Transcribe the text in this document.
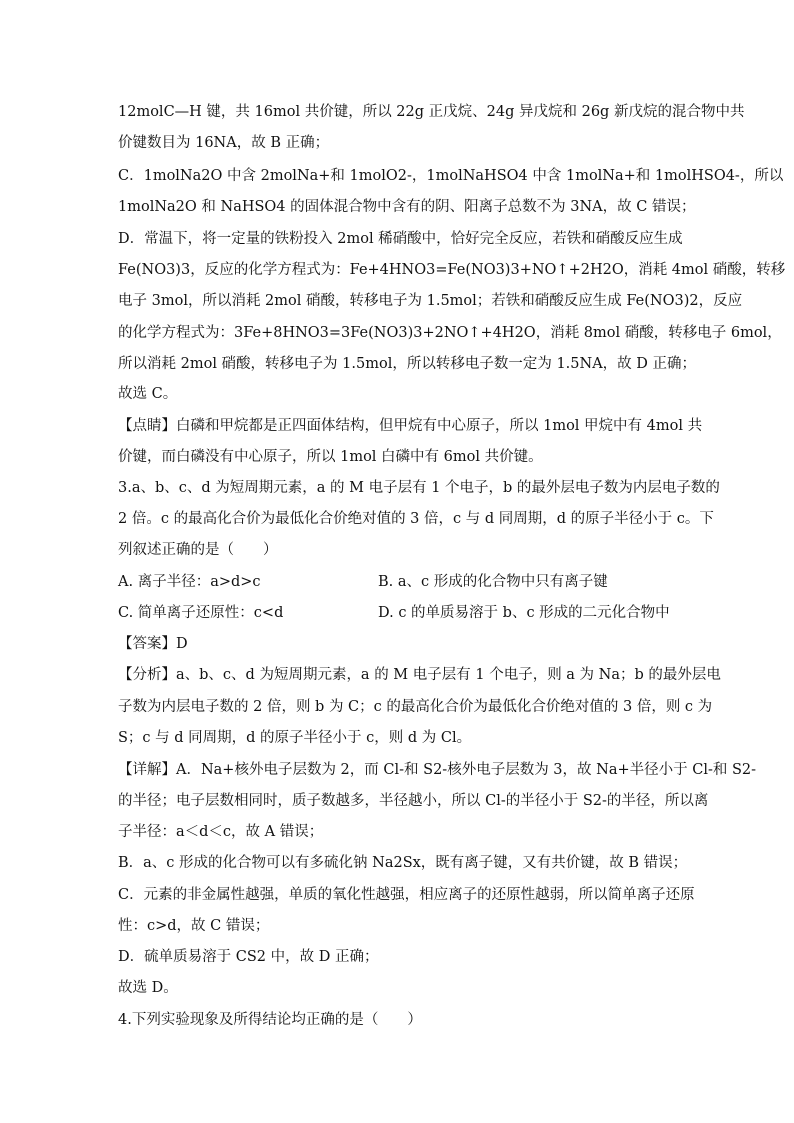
12molC—H 键，共 16mol 共价键，所以 22g 正戊烷、24g 异戊烷和 26g 新戊烷的混合物中共
价键数目为 16NA，故 B 正确；
C．1molNa2O 中含 2molNa+和 1molO2-，1molNaHSO4 中含 1molNa+和 1molHSO4-，所以
1molNa2O 和 NaHSO4 的固体混合物中含有的阴、阳离子总数不为 3NA，故 C 错误；
D．常温下，将一定量的铁粉投入 2mol 稀硝酸中，恰好完全反应，若铁和硝酸反应生成
Fe(NO3)3，反应的化学方程式为：Fe+4HNO3=Fe(NO3)3+NO↑+2H2O，消耗 4mol 硝酸，转移
电子 3mol，所以消耗 2mol 硝酸，转移电子为 1.5mol；若铁和硝酸反应生成 Fe(NO3)2，反应
的化学方程式为：3Fe+8HNO3=3Fe(NO3)3+2NO↑+4H2O，消耗 8mol 硝酸，转移电子 6mol，
所以消耗 2mol 硝酸，转移电子为 1.5mol，所以转移电子数一定为 1.5NA，故 D 正确；
故选 C。
【点睛】白磷和甲烷都是正四面体结构，但甲烷有中心原子，所以 1mol 甲烷中有 4mol 共
价键，而白磷没有中心原子，所以 1mol 白磷中有 6mol 共价键。
3.a、b、c、d 为短周期元素，a 的 M 电子层有 1 个电子，b 的最外层电子数为内层电子数的
2 倍。c 的最高化合价为最低化合价绝对值的 3 倍，c 与 d 同周期，d 的原子半径小于 c。下
列叙述正确的是（　　）
A. 离子半径：a>d>c	B. a、c 形成的化合物中只有离子键
C. 简单离子还原性：c<d	D. c 的单质易溶于 b、c 形成的二元化合物中
【答案】D
【分析】a、b、c、d 为短周期元素，a 的 M 电子层有 1 个电子，则 a 为 Na；b 的最外层电
子数为内层电子数的 2 倍，则 b 为 C；c 的最高化合价为最低化合价绝对值的 3 倍，则 c 为
S；c 与 d 同周期，d 的原子半径小于 c，则 d 为 Cl。
【详解】A．Na+核外电子层数为 2，而 Cl-和 S2-核外电子层数为 3，故 Na+半径小于 Cl-和 S2-
的半径；电子层数相同时，质子数越多，半径越小，所以 Cl-的半径小于 S2-的半径，所以离
子半径：a＜d＜c，故 A 错误；
B．a、c 形成的化合物可以有多硫化钠 Na2Sx，既有离子键，又有共价键，故 B 错误；
C．元素的非金属性越强，单质的氧化性越强，相应离子的还原性越弱，所以简单离子还原
性：c>d，故 C 错误；
D．硫单质易溶于 CS2 中，故 D 正确；
故选 D。
4.下列实验现象及所得结论均正确的是（　　）
